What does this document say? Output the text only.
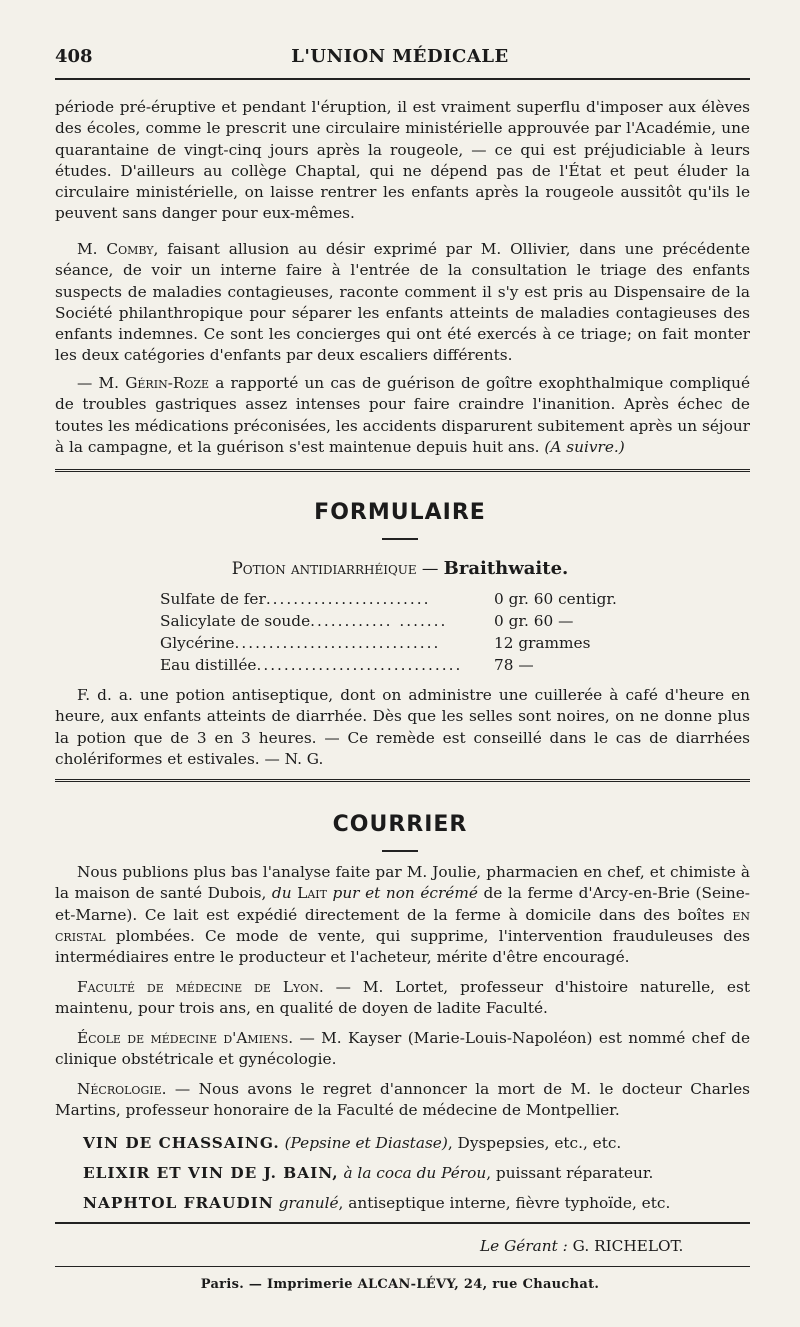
408	L'UNION MÉDICALE
période pré-éruptive et pendant l'éruption, il est vraiment superflu d'imposer aux élèves des écoles, comme le prescrit une circulaire ministérielle approuvée par l'Académie, une quarantaine de vingt-cinq jours après la rougeole, — ce qui est préjudiciable à leurs études. D'ailleurs au collège Chaptal, qui ne dépend pas de l'État et peut éluder la circulaire ministérielle, on laisse rentrer les enfants après la rougeole aussitôt qu'ils le peuvent sans danger pour eux-mêmes.
M. Comby, faisant allusion au désir exprimé par M. Ollivier, dans une précédente séance, de voir un interne faire à l'entrée de la consultation le triage des enfants suspects de maladies contagieuses, raconte comment il s'y est pris au Dispensaire de la Société philanthropique pour séparer les enfants atteints de maladies contagieuses des enfants indemnes. Ce sont les concierges qui ont été exercés à ce triage; on fait monter les deux catégories d'enfants par deux escaliers différents.
— M. Gérin-Roze a rapporté un cas de guérison de goître exophthalmique compliqué de troubles gastriques assez intenses pour faire craindre l'inanition. Après échec de toutes les médications préconisées, les accidents disparurent subitement après un séjour à la campagne, et la guérison s'est maintenue depuis huit ans. (A suivre.)
FORMULAIRE
Potion antidiarrhéique — Braithwaite.
Sulfate de fer........................	0 gr. 60 centigr.
Salicylate de soude............ .......	0 gr. 60 —
Glycérine..............................	12 grammes
Eau distillée..............................	78 —
F. d. a. une potion antiseptique, dont on administre une cuillerée à café d'heure en heure, aux enfants atteints de diarrhée. Dès que les selles sont noires, on ne donne plus la potion que de 3 en 3 heures. — Ce remède est conseillé dans le cas de diarrhées cholériformes et estivales. — N. G.
COURRIER
Nous publions plus bas l'analyse faite par M. Joulie, pharmacien en chef, et chimiste à la maison de santé Dubois, du Lait pur et non écrémé de la ferme d'Arcy-en-Brie (Seine-et-Marne). Ce lait est expédié directement de la ferme à domicile dans des boîtes en cristal plombées. Ce mode de vente, qui supprime, l'intervention frauduleuses des intermédiaires entre le producteur et l'acheteur, mérite d'être encouragé.
Faculté de médecine de Lyon. — M. Lortet, professeur d'histoire naturelle, est maintenu, pour trois ans, en qualité de doyen de ladite Faculté.
École de médecine d'Amiens. — M. Kayser (Marie-Louis-Napoléon) est nommé chef de clinique obstétricale et gynécologie.
Nécrologie. — Nous avons le regret d'annoncer la mort de M. le docteur Charles Martins, professeur honoraire de la Faculté de médecine de Montpellier.
VIN DE CHASSAING. (Pepsine et Diastase), Dyspepsies, etc., etc.
ELIXIR ET VIN DE J. BAIN, à la coca du Pérou, puissant réparateur.
NAPHTOL FRAUDIN granulé, antiseptique interne, fièvre typhoïde, etc.
Le Gérant : G. RICHELOT.
Paris. — Imprimerie ALCAN-LÉVY, 24, rue Chauchat.
